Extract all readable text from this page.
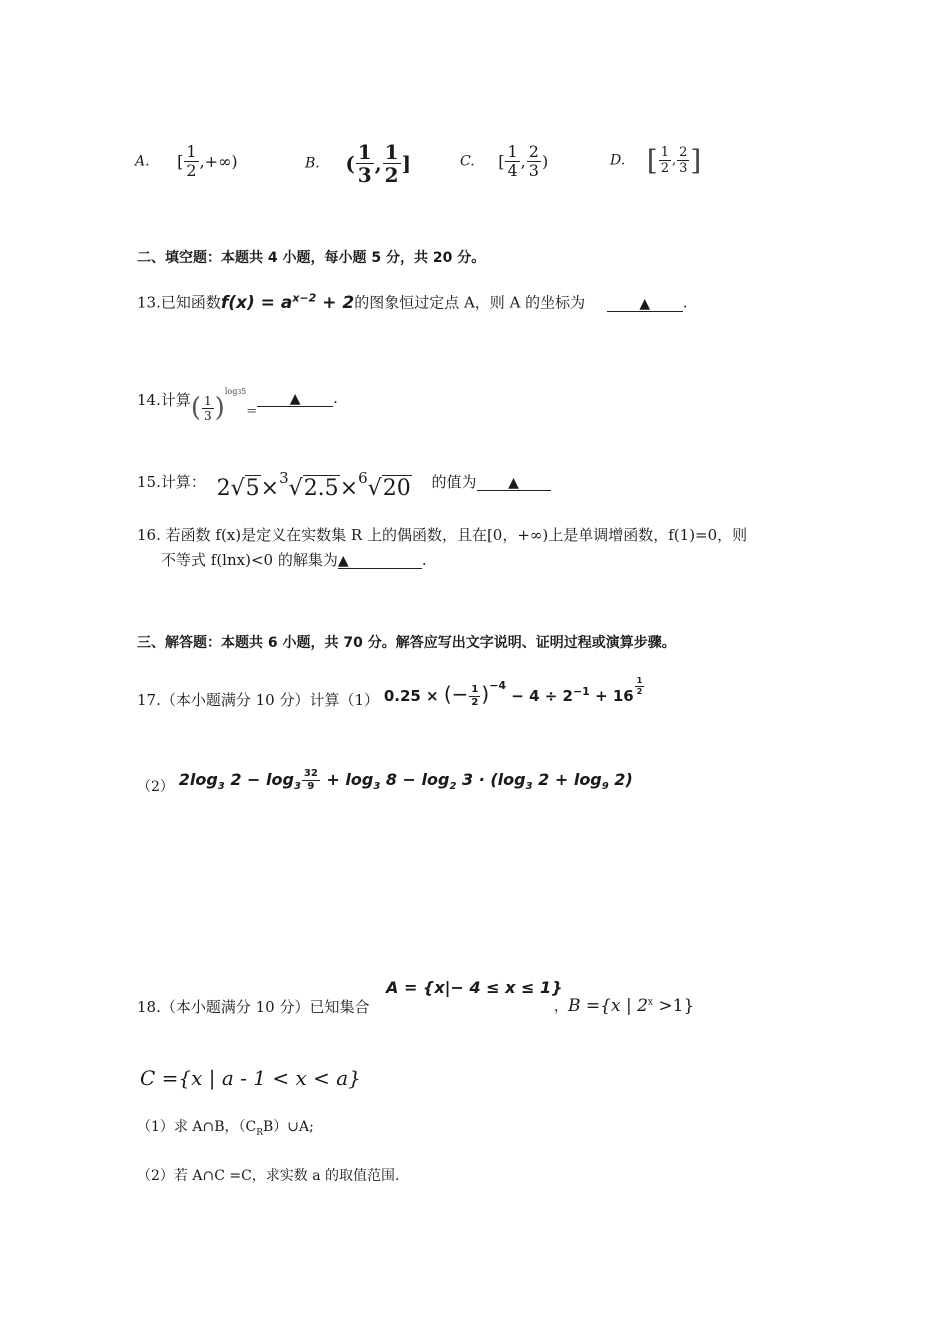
A. [ $\frac{1}{2}$ ,+∞)	B. ( $\frac{1}{3}$ , $\frac{1}{2}$ ]	C. [ $\frac{1}{4}$ , $\frac{2}{3}$ )	D. [ $\frac{1}{2}$ , $\frac{2}{3}$ ]
二、填空题：本题共 4 小题，每小题 5 分，共 20 分。
13.已知函数$f(x) = a^{x-2} + 2$的图象恒过定点 A，则 A 的坐标为	▲ .
14.计算( $\frac{1}{3}$ )$^{log35}$=▲ .
15.计算： 2√5×$^3$√2.5×$^6$√20 的值为 ▲
16. 若函数 f(x)是定义在实数集 R 上的偶函数，且在[0，+∞)上是单调增函数，f(1)=0，则
不等式 f(lnx)<0 的解集为▲	.
三、解答题：本题共 6 小题，共 70 分。解答应写出文字说明、证明过程或演算步骤。
17.（本小题满分 10 分）计算（1） 0.25 × (− $\frac{1}{2} )^{-4} - 4 \div 2^{-1} + 16 \frac{1}{2}$
（2） $2\log_3$ $2 - \log_3 \frac{32}{9} + \log_3 8 - \log_2 3 \cdot (\log_3$ $2 + \log_9 2$)
18.（本小题满分 10 分）已知集合
A = {x|− 4 ≤ x ≤ 1}
，B ={x | $2^x >1$}
C ={x | a - 1 < x < a}
（1）求 A∩B，$(C_RB)\cup A$;
（2）若 A∩C =C，求实数 a 的取值范围.
